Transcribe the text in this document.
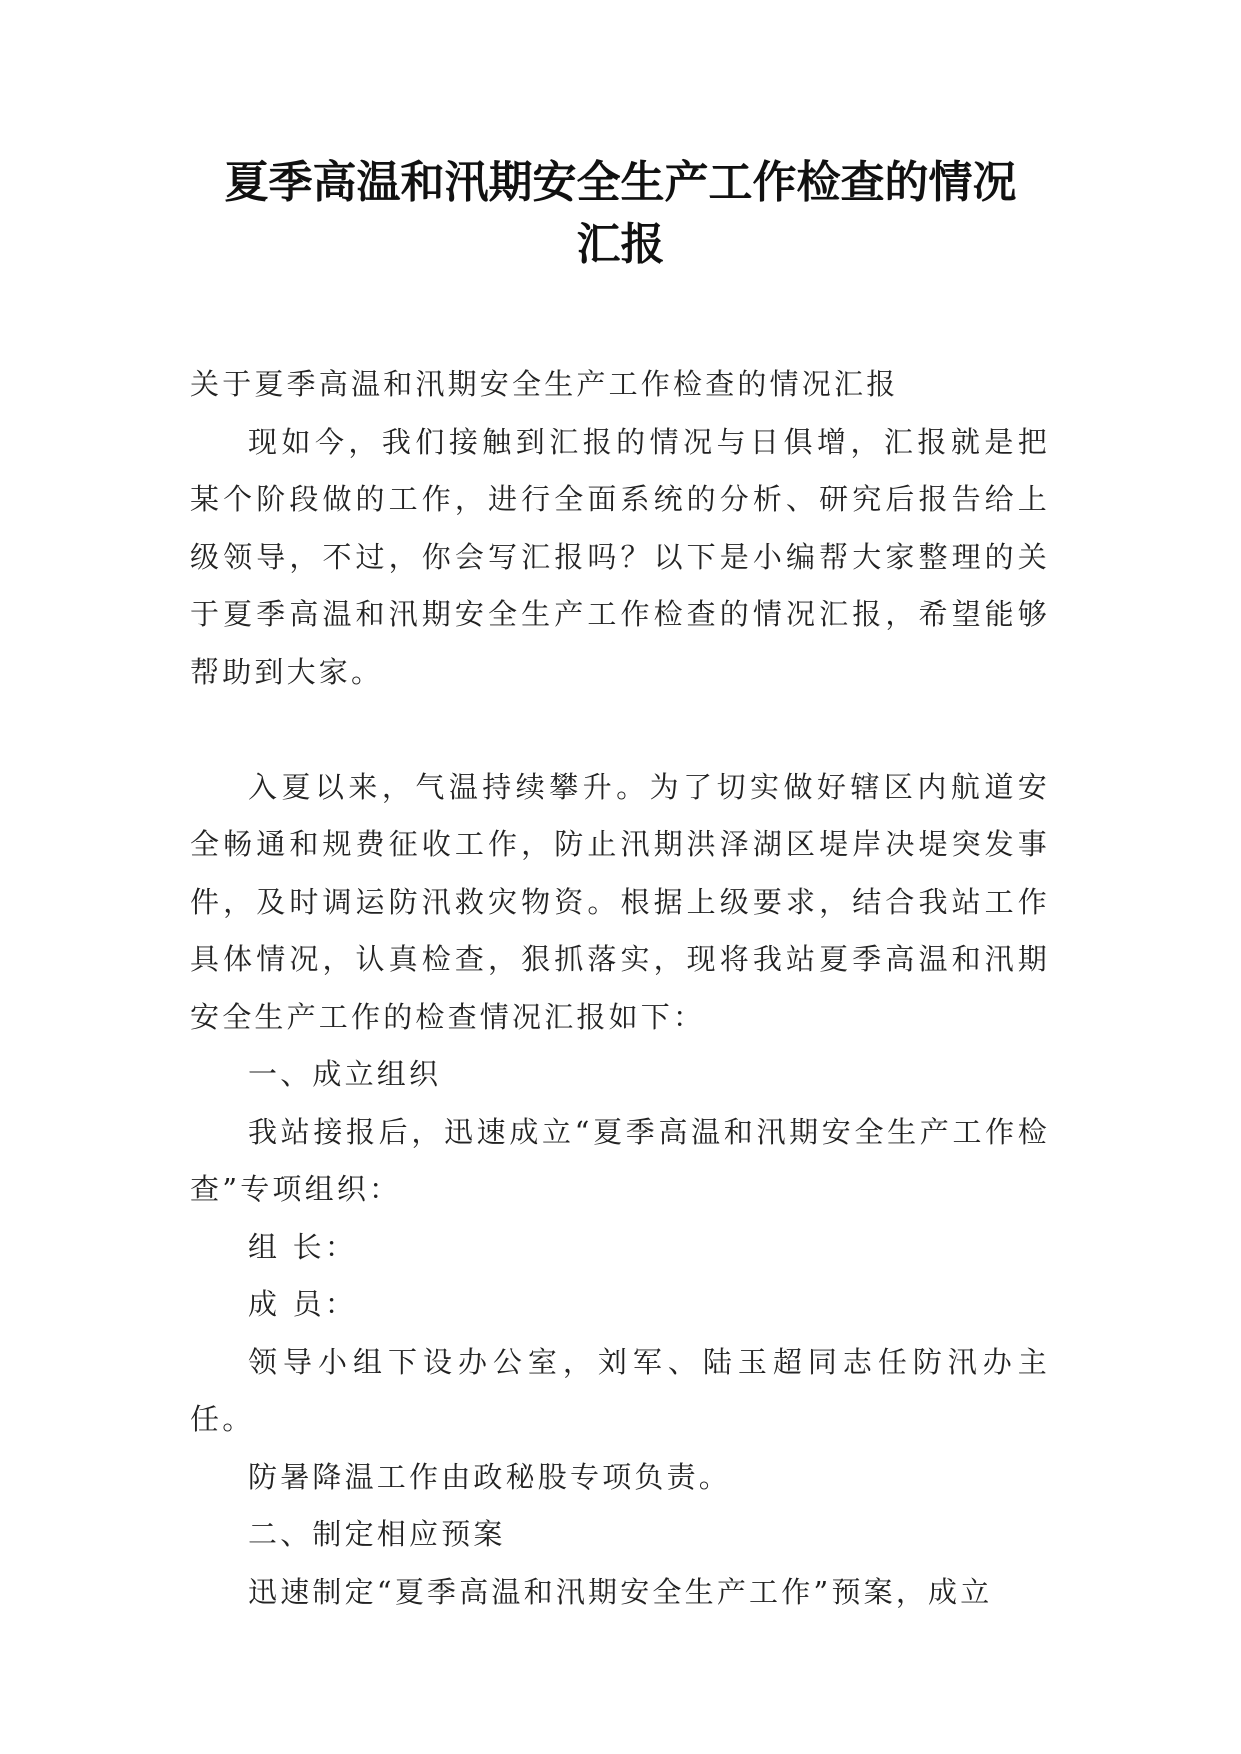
夏季高温和汛期安全生产工作检查的情况
汇报

关于夏季高温和汛期安全生产工作检查的情况汇报

现如今，我们接触到汇报的情况与日俱增，汇报就是把某个阶段做的工作，进行全面系统的分析、研究后报告给上级领导，不过，你会写汇报吗？以下是小编帮大家整理的关于夏季高温和汛期安全生产工作检查的情况汇报，希望能够帮助到大家。

入夏以来，气温持续攀升。为了切实做好辖区内航道安全畅通和规费征收工作，防止汛期洪泽湖区堤岸决堤突发事件，及时调运防汛救灾物资。根据上级要求，结合我站工作具体情况，认真检查，狠抓落实，现将我站夏季高温和汛期安全生产工作的检查情况汇报如下：

一、成立组织

我站接报后，迅速成立“夏季高温和汛期安全生产工作检查”专项组织：

组 长：

成 员：

领导小组下设办公室，刘军、陆玉超同志任防汛办主任。

防暑降温工作由政秘股专项负责。

二、制定相应预案

迅速制定“夏季高温和汛期安全生产工作”预案，成立
